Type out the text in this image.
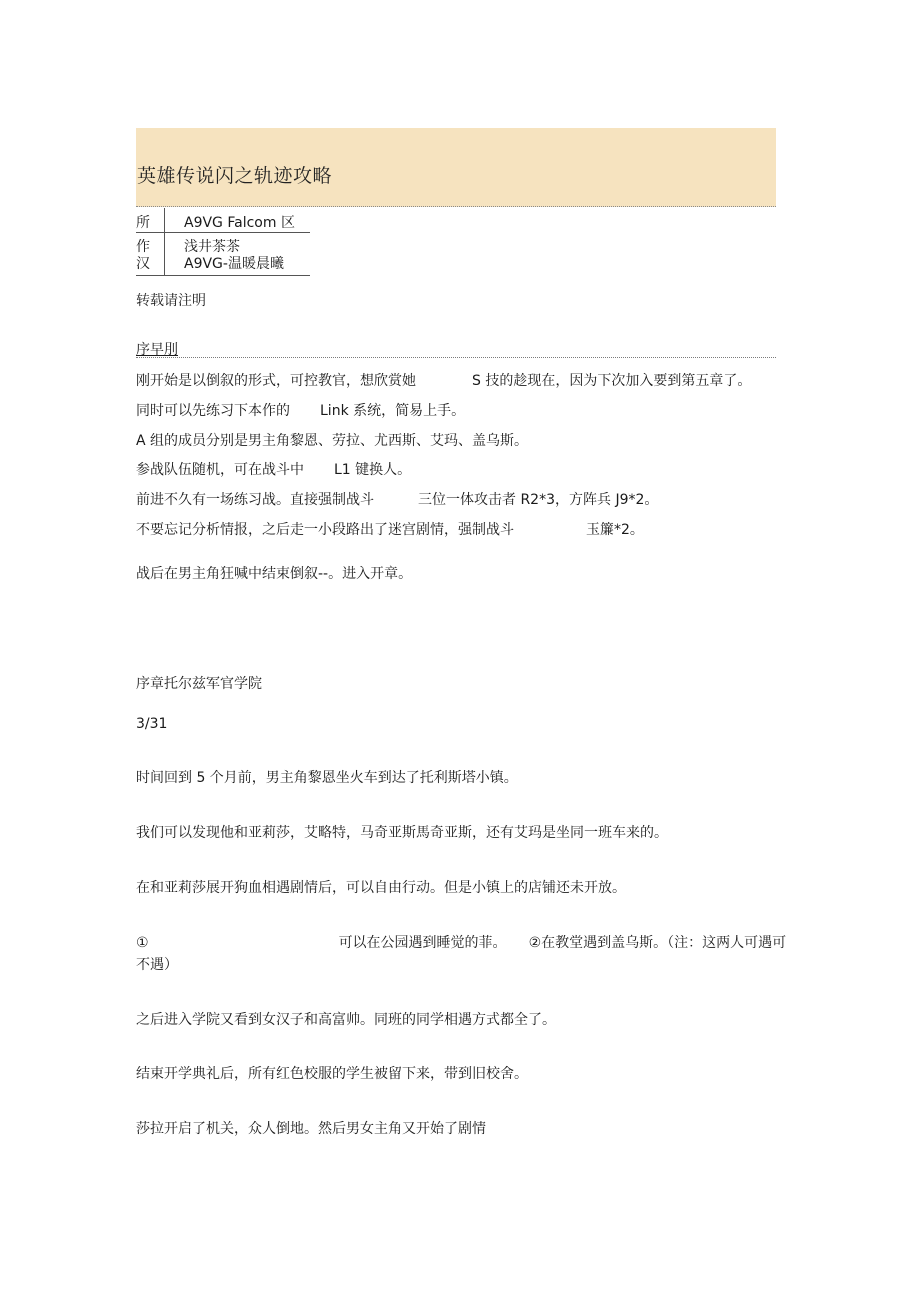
英雄传说闪之轨迹攻略
所	A9VG Falcom 区
作	浅井茶茶
汉	A9VG-温暖晨曦
转载请注明
序早刖
刚开始是以倒叙的形式，可控教官，想欣赏她	S 技的趁现在，因为下次加入要到第五章了。
同时可以先练习下本作的 Link 系统，简易上手。
A 组的成员分别是男主角黎恩、劳拉、尤西斯、艾玛、盖乌斯。
参战队伍随机，可在战斗中 L1 键换人。
前进不久有一场练习战。直接强制战斗	三位一体攻击者 R2*3，方阵兵 J9*2。
不要忘记分析情报，之后走一小段路出了迷宫剧情，强制战斗	玉簾*2。
战后在男主角狂喊中结束倒叙--。进入开章。
序章托尔兹军官学院
3/31
时间回到 5 个月前，男主角黎恩坐火车到达了托利斯塔小镇。
我们可以发现他和亚莉莎，艾略特，马奇亚斯馬奇亚斯，还有艾玛是坐同一班车来的。
在和亚莉莎展开狗血相遇剧情后，可以自由行动。但是小镇上的店铺还未开放。
①	可以在公园遇到睡觉的菲。 ②在教堂遇到盖乌斯。（注：这两人可遇可
不遇）
之后进入学院又看到女汉子和高富帅。同班的同学相遇方式都全了。
结束开学典礼后，所有红色校服的学生被留下来，带到旧校舍。
莎拉开启了机关，众人倒地。然后男女主角又开始了剧情
